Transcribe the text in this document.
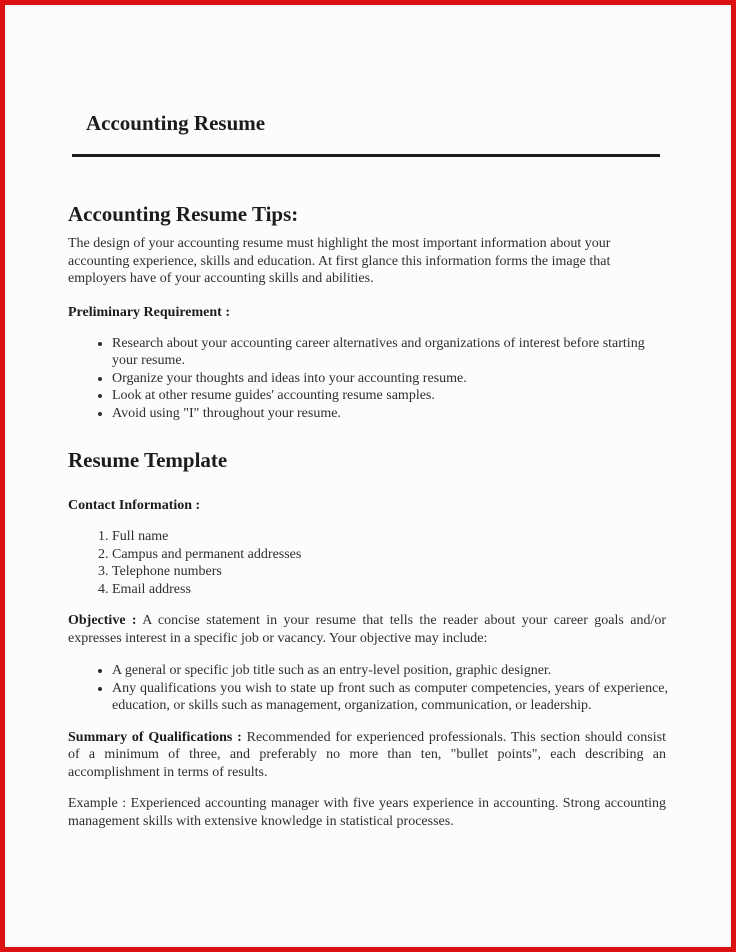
Accounting Resume
Accounting Resume Tips:

The design of your accounting resume must highlight the most important information about your accounting experience, skills and education. At first glance this information forms the image that employers have of your accounting skills and abilities.

Preliminary Requirement :
• Research about your accounting career alternatives and organizations of interest before starting your resume.
• Organize your thoughts and ideas into your accounting resume.
• Look at other resume guides' accounting resume samples.
• Avoid using "I" throughout your resume.
Resume Template
Contact Information :
1. Full name
2. Campus and permanent addresses
3. Telephone numbers
4. Email address

Objective : A concise statement in your resume that tells the reader about your career goals and/or expresses interest in a specific job or vacancy. Your objective may include:

• A general or specific job title such as an entry-level position, graphic designer.
• Any qualifications you wish to state up front such as computer competencies, years of experience, education, or skills such as management, organization, communication, or leadership.

Summary of Qualifications : Recommended for experienced professionals. This section should consist of a minimum of three, and preferably no more than ten, "bullet points", each describing an accomplishment in terms of results.

Example : Experienced accounting manager with five years experience in accounting. Strong accounting management skills with extensive knowledge in statistical processes.
